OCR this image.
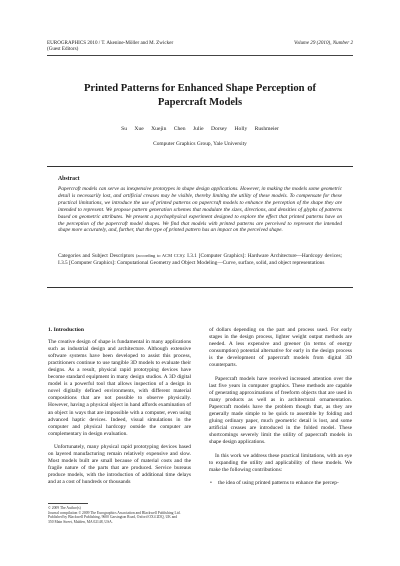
EUROGRAPHICS 2010 / T. Akenine-Möller and M. Zwicker
(Guest Editors)
Volume 29 (2010), Number 2
Printed Patterns for Enhanced Shape Perception of
Papercraft Models
Su Xue Xuejin Chen Julie Dorsey Holly Rushmeier
Computer Graphics Group, Yale University
Abstract
Papercraft models can serve as inexpensive prototypes in shape design applications. However, in making the models some geometric detail is necessarily lost, and artificial creases may be visible, thereby limiting the utility of these models. To compensate for these practical limitations, we introduce the use of printed patterns on papercraft models to enhance the perception of the shape they are intended to represent. We propose pattern generation schemes that modulate the sizes, directions, and densities of glyphs of patterns based on geometric attributes. We present a psychophysical experiment designed to explore the effect that printed patterns have on the perception of the papercraft model shapes. We find that models with printed patterns are perceived to represent the intended shape more accurately, and, further, that the type of printed pattern has an impact on the perceived shape.
Categories and Subject Descriptors (according to ACM CCS): I.3.1 [Computer Graphics]: Hardware Architecture—Hardcopy devices; I.3.5 [Computer Graphics]: Computational Geometry and Object Modeling—Curve, surface, solid, and object representations
1. Introduction

The creative design of shape is fundamental in many applications such as industrial design and architecture. Although extensive software systems have been developed to assist this process, practitioners continue to use tangible 3D models to evaluate their designs. As a result, physical rapid prototyping devices have become standard equipment in many design studios. A 3D digital model is a powerful tool that allows inspection of a design in novel digitally defined environments, with different material compositions that are not possible to observe physically. However, having a physical object in hand affords examination of an object in ways that are impossible with a computer, even using advanced haptic devices. Indeed, visual simulations in the computer and physical hardcopy outside the computer are complementary in design evaluation.

Unfortunately, many physical rapid prototyping devices based on layered manufacturing remain relatively expensive and slow. Most models built are small because of material costs and the fragile nature of the parts that are produced. Service bureaus produce models, with the introduction of additional time delays and at a cost of hundreds or thousands

of dollars depending on the part and process used. For early stages in the design process, lighter weight output methods are needed. A less expensive and greener (in terms of energy consumption) potential alternative for early in the design process is the development of papercraft models from digital 3D counterparts.

Papercraft models have received increased attention over the last five years in computer graphics. These methods are capable of generating approximations of freeform objects that are used in many products as well as in architectural ornamentation. Papercraft models have the problem though that, as they are generally made simple to be quick to assemble by folding and gluing ordinary paper, much geometric detail is lost, and some artificial creases are introduced in the folded model. These shortcomings severely limit the utility of papercraft models in shape design applications.

In this work we address these practical limitations, with an eye to expanding the utility and applicability of these models. We make the following contributions:

• the idea of using printed patterns to enhance the percep-
© 2009 The Author(s)
Journal compilation © 2009 The Eurographics Association and Blackwell Publishing Ltd.
Published by Blackwell Publishing, 9600 Garsington Road, Oxford OX4 2DQ, UK and
350 Main Street, Malden, MA 02148, USA.
